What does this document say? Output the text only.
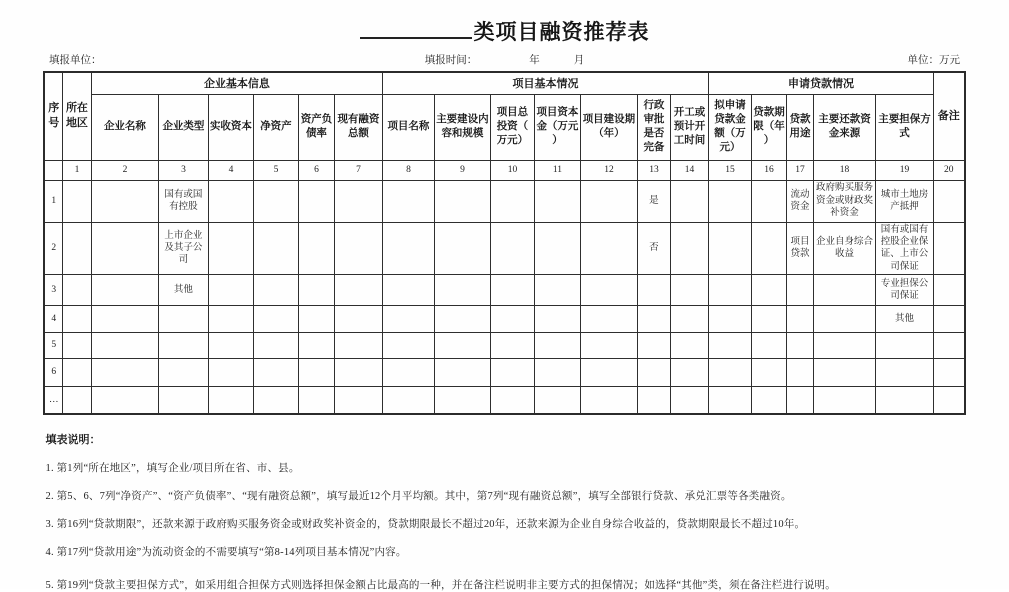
类项目融资推荐表
填报单位：	填报时间：	年	月	单位：万元
序号	所在地区	企业基本信息						项目基本情况							申请贷款情况					备注
		企业名称	企业类型	实收资本	净资产	资产负债率	现有融资总额	项目名称	主要建设内容和规模	项目总投资（万元）	项目资本金（万元）	项目建设期（年）	行政审批是否完备	开工或预计开工时间	拟申请贷款金额（万元）	贷款期限（年）	贷款用途	主要还款资金来源	主要担保方式	
	1	2	3	4	5	6	7	8	9	10	11	12	13	14	15	16	17	18	19	20
1			国有或国有控股										是				流动资金	政府购买服务资金或财政奖补资金	城市土地房产抵押	
2			上市企业及其子公司										否				项目贷款	企业自身综合收益	国有或国有控股企业保证、上市公司保证	
3			其他																专业担保公司保证	
4																			其他	
5																				
6																				
…																				
填表说明：
1. 第1列“所在地区”，填写企业/项目所在省、市、县。
2. 第5、6、7列“净资产”、“资产负债率”、“现有融资总额”，填写最近12个月平均额。其中，第7列“现有融资总额”，填写全部银行贷款、承兑汇票等各类融资。
3. 第16列“贷款期限”，还款来源于政府购买服务资金或财政奖补资金的，贷款期限最长不超过20年，还款来源为企业自身综合收益的，贷款期限最长不超过10年。
4. 第17列“贷款用途”为流动资金的不需要填写“第8-14列项目基本情况”内容。
5. 第19列“贷款主要担保方式”，如采用组合担保方式则选择担保金额占比最高的一种，并在备注栏说明非主要方式的担保情况；如选择“其他”类，须在备注栏进行说明。
